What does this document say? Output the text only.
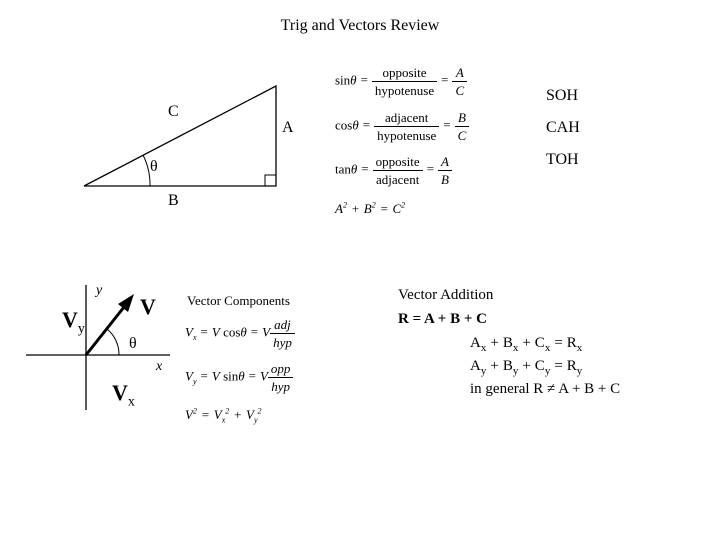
Trig and Vectors Review
C
A
B
θ
$\sin\theta = \frac{\text{opposite}}{\text{hypotenuse}} = \frac{A}{C}$
$\cos\theta = \frac{\text{adjacent}}{\text{hypotenuse}} = \frac{B}{C}$
$\tan\theta = \frac{\text{opposite}}{\text{adjacent}} = \frac{A}{B}$
$A^2 + B^2 = C^2$
SOH
CAH
TOH
y
x
V
$V_y$
$V_x$
θ
Vector Components
$V_x = V$ cosθ = V $\frac{\text{adj}}{\text{hyp}}$
$V_y = V$ sinθ = V $\frac{\text{opp}}{\text{hyp}}$
$V^2 = V_x^2 + V_y^2$
Vector Addition
R = A + B + C
$A_x + B_x + C_x = R_x$
$A_y + B_y + C_y = R_y$
in general R ≠ A + B + C
